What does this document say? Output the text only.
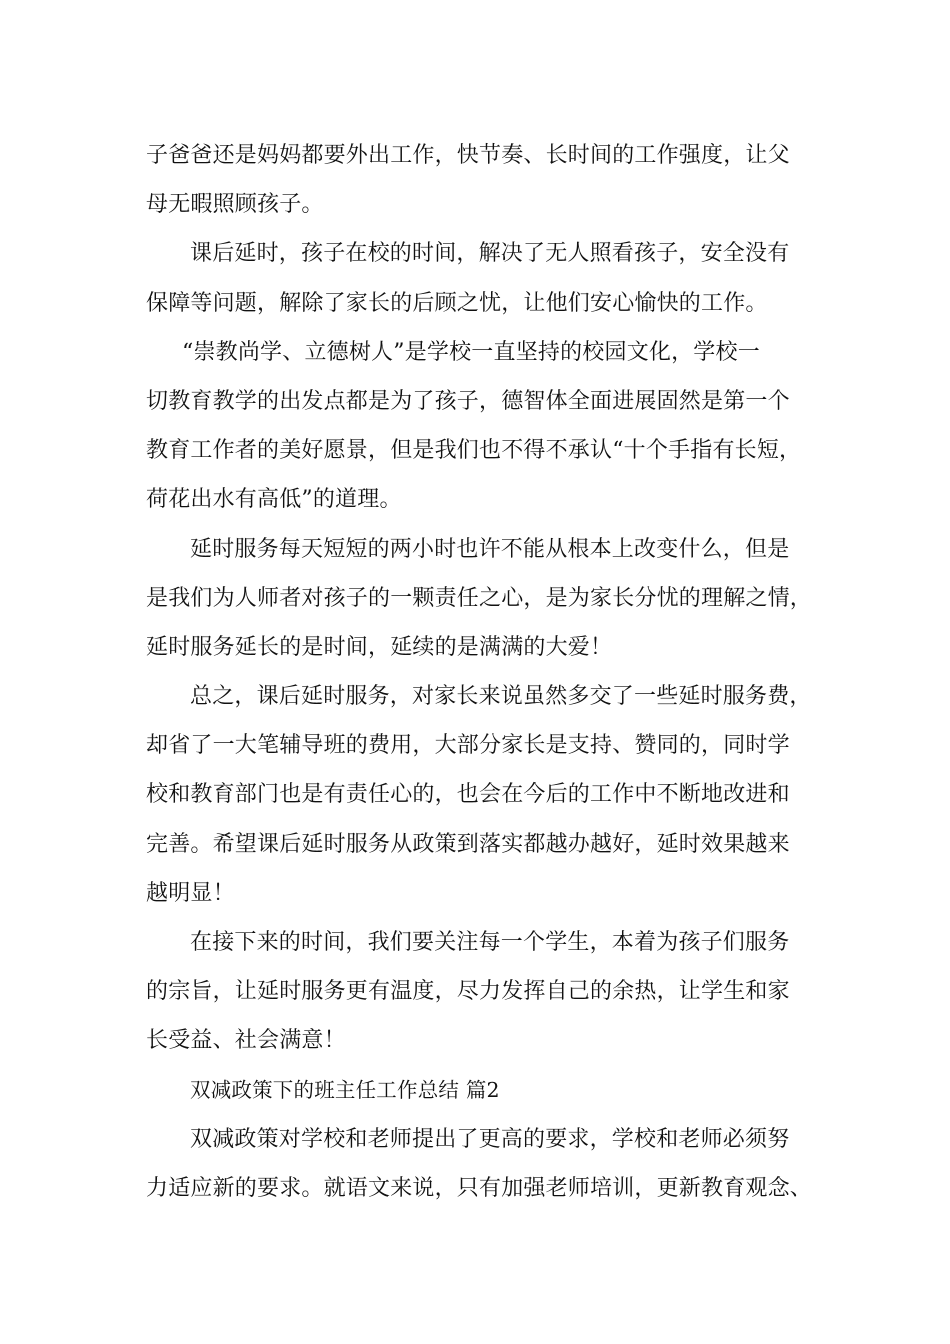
子爸爸还是妈妈都要外出工作，快节奏、长时间的工作强度，让父
母无暇照顾孩子。
课后延时，孩子在校的时间，解决了无人照看孩子，安全没有
保障等问题，解除了家长的后顾之忧，让他们安心愉快的工作。
“崇教尚学、立德树人”是学校一直坚持的校园文化，学校一
切教育教学的出发点都是为了孩子，德智体全面进展固然是第一个
教育工作者的美好愿景，但是我们也不得不承认“十个手指有长短，
荷花出水有高低”的道理。
延时服务每天短短的两小时也许不能从根本上改变什么，但是
是我们为人师者对孩子的一颗责任之心，是为家长分忧的理解之情，
延时服务延长的是时间，延续的是满满的大爱！
总之，课后延时服务，对家长来说虽然多交了一些延时服务费，
却省了一大笔辅导班的费用，大部分家长是支持、赞同的，同时学
校和教育部门也是有责任心的，也会在今后的工作中不断地改进和
完善。希望课后延时服务从政策到落实都越办越好，延时效果越来
越明显！
在接下来的时间，我们要关注每一个学生，本着为孩子们服务
的宗旨，让延时服务更有温度，尽力发挥自己的余热，让学生和家
长受益、社会满意！
双减政策下的班主任工作总结 篇2
双减政策对学校和老师提出了更高的要求，学校和老师必须努
力适应新的要求。就语文来说，只有加强老师培训，更新教育观念、
